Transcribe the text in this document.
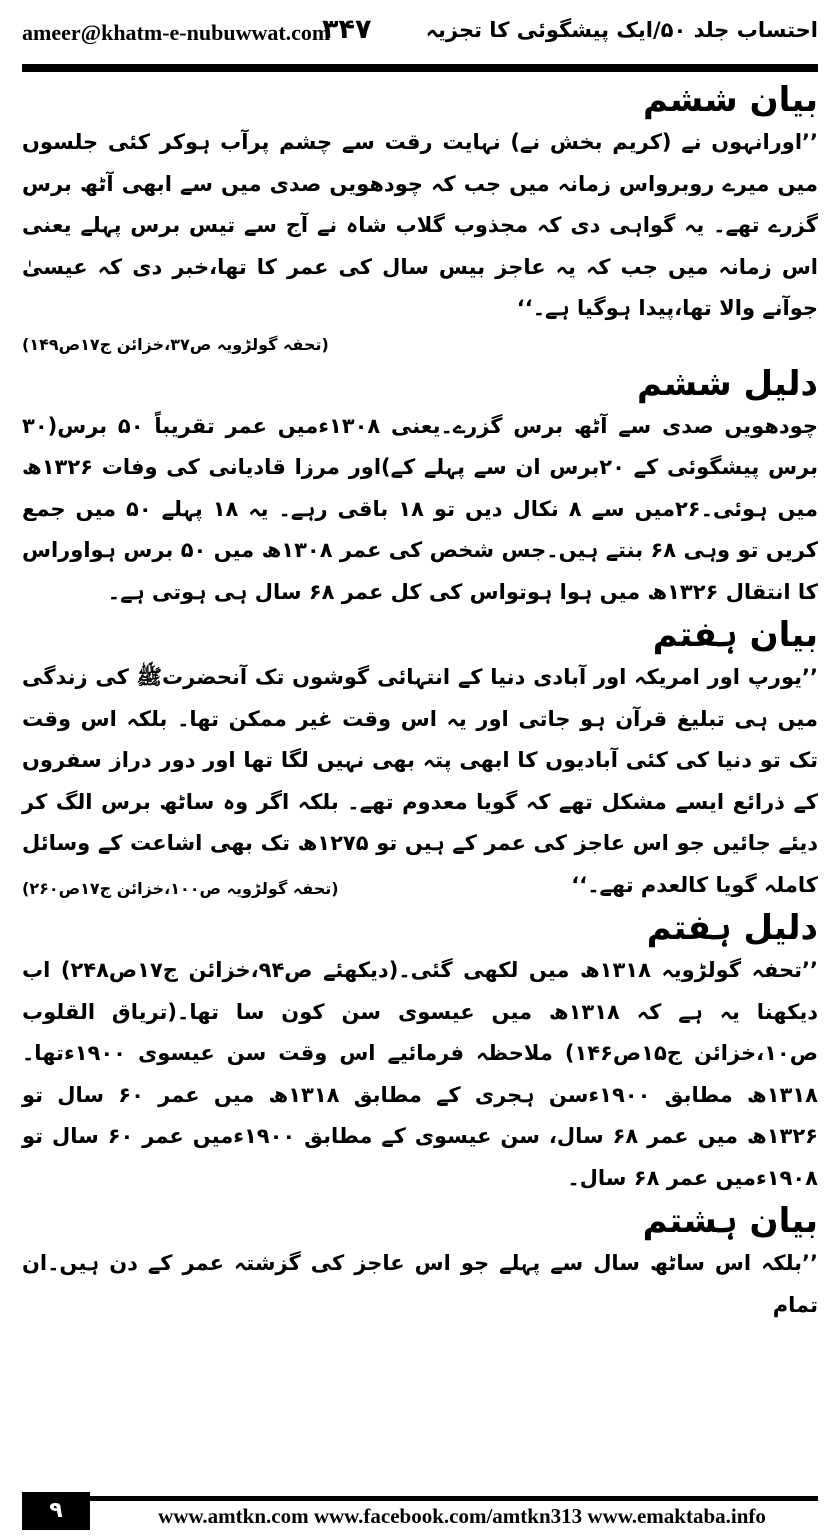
ameer@khatm-e-nubuwwat.com
۳۴۷	احتساب جلد ۵۰/ایک پیشگوئی کا تجزیہ
بیان ششم

’’اورانہوں نے (کریم بخش نے) نہایت رقت سے چشم پرآب ہوکر کئی جلسوں میں میرے روبرواس زمانہ میں جب کہ چودھویں صدی میں سے ابھی آٹھ برس گزرے تھے۔ یہ گواہی دی کہ مجذوب گلاب شاہ نے آج سے تیس برس پہلے یعنی اس زمانہ میں جب کہ یہ عاجز بیس سال کی عمر کا تھا،خبر دی کہ عیسیٰ جوآنے والا تھا،پیدا ہوگیا ہے۔‘‘

(تحفہ گولڑویہ ص۳۷،خزائن ج۱۷ص۱۴۹)
دلیل ششم

چودھویں صدی سے آٹھ برس گزرے۔یعنی ۱۳۰۸ءمیں عمر تقریباً ۵۰ برس(۳۰ برس پیشگوئی کے ۲۰برس ان سے پہلے کے)اور مرزا قادیانی کی وفات ۱۳۲۶ھ میں ہوئی۔۲۶میں سے ۸ نکال دیں تو ۱۸ باقی رہے۔ یہ ۱۸ پہلے ۵۰ میں جمع کریں تو وہی ۶۸ بنتے ہیں۔جس شخص کی عمر ۱۳۰۸ھ میں ۵۰ برس ہواوراس کا انتقال ۱۳۲۶ھ میں ہوا ہوتواس کی کل عمر ۶۸ سال ہی ہوتی ہے۔

بیان ہفتم

’’یورپ اور امریکہ اور آبادی دنیا کے انتہائی گوشوں تک آنحضرتﷺ کی زندگی میں ہی تبلیغ قرآن ہو جاتی اور یہ اس وقت غیر ممکن تھا۔ بلکہ اس وقت تک تو دنیا کی کئی آبادیوں کا ابھی پتہ بھی نہیں لگا تھا اور دور دراز سفروں کے ذرائع ایسے مشکل تھے کہ گویا معدوم تھے۔ بلکہ اگر وہ ساٹھ برس الگ کر دیئے جائیں جو اس عاجز کی عمر کے ہیں تو ۱۲۷۵ھ تک بھی اشاعت کے وسائل کاملہ گویا کالعدم تھے۔‘‘
(تحفہ گولڑویہ ص۱۰۰،خزائن ج۱۷ص۲۶۰)

دلیل ہفتم

’’تحفہ گولڑویہ ۱۳۱۸ھ میں لکھی گئی۔(دیکھئے ص۹۴،خزائن ج۱۷ص۲۴۸) اب دیکھنا یہ ہے کہ ۱۳۱۸ھ میں عیسوی سن کون سا تھا۔(تریاق القلوب ص۱۰،خزائن ج۱۵ص۱۴۶) ملاحظہ فرمائیے اس وقت سن عیسوی ۱۹۰۰ءتھا۔ ۱۳۱۸ھ مطابق ۱۹۰۰ءسن ہجری کے مطابق ۱۳۱۸ھ میں عمر ۶۰ سال تو ۱۳۲۶ھ میں عمر ۶۸ سال، سن عیسوی کے مطابق ۱۹۰۰ءمیں عمر ۶۰ سال تو ۱۹۰۸ءمیں عمر ۶۸ سال۔

بیان ہشتم

’’بلکہ اس ساٹھ سال سے پہلے جو اس عاجز کی گزشتہ عمر کے دن ہیں۔ان تمام

۹	www.amtkn.com www.facebook.com/amtkn313 www.emaktaba.info
